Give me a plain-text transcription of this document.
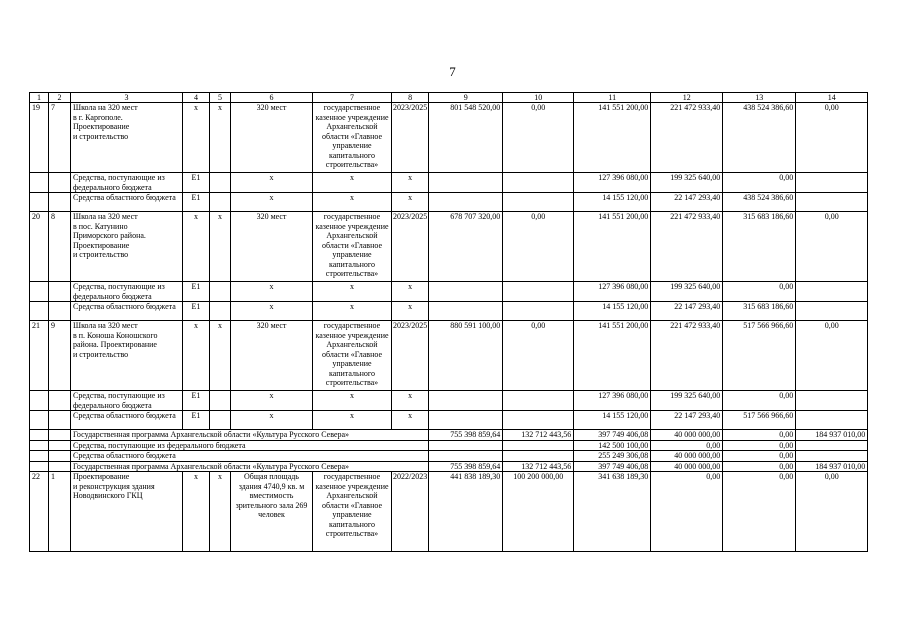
7
1	2	3	4	5	6	7	8	9	10	11	12	13	14
19	7	Школа на 320 мест
в г. Каргополе.
Проектирование
и строительство	x	x	320 мест	государственное казенное учреждение Архангельской области «Главное управление капитального строительства»	2023/2025	801 548 520,00	0,00	141 551 200,00	221 472 933,40	438 524 386,60	0,00
		Средства, поступающие из федерального бюджета	Е1		x	x	x			127 396 080,00	199 325 640,00	0,00	
		Средства областного бюджета	Е1		x	x	x			14 155 120,00	22 147 293,40	438 524 386,60	
20	8	Школа на 320 мест
в пос. Катунино
Приморского района.
Проектирование
и строительство	x	x	320 мест	государственное казенное учреждение Архангельской области «Главное управление капитального строительства»	2023/2025	678 707 320,00	0,00	141 551 200,00	221 472 933,40	315 683 186,60	0,00
		Средства, поступающие из федерального бюджета	Е1		x	x	x			127 396 080,00	199 325 640,00	0,00	
		Средства областного бюджета	Е1		x	x	x			14 155 120,00	22 147 293,40	315 683 186,60	
21	9	Школа на 320 мест
в п. Коноша Коношского района. Проектирование
и строительство	x	x	320 мест	государственное казенное учреждение Архангельской области «Главное управление капитального строительства»	2023/2025	880 591 100,00	0,00	141 551 200,00	221 472 933,40	517 566 966,60	0,00
		Средства, поступающие из федерального бюджета	Е1		x	x	x			127 396 080,00	199 325 640,00	0,00	
		Средства областного бюджета	Е1		x	x	x			14 155 120,00	22 147 293,40	517 566 966,60	
		Государственная программа Архангельской области «Культура Русского Севера»						755 398 859,64	132 712 443,56	397 749 406,08	40 000 000,00	0,00	184 937 010,00
		Средства, поступающие из федерального бюджета								142 500 100,00	0,00	0,00	
		Средства областного бюджета								255 249 306,08	40 000 000,00	0,00	
		Государственная программа Архангельской области «Культура Русского Севера»						755 398 859,64	132 712 443,56	397 749 406,08	40 000 000,00	0,00	184 937 010,00
22	1	Проектирование
и реконструкция здания Новодвинского ГКЦ	x	x	Общая площадь здания 4740,9 кв. м вместимость зрительного зала 269 человек	государственное казенное учреждение Архангельской области «Главное управление капитального строительства»	2022/2023	441 838 189,30	100 200 000,00	341 638 189,30	0,00	0,00	0,00
